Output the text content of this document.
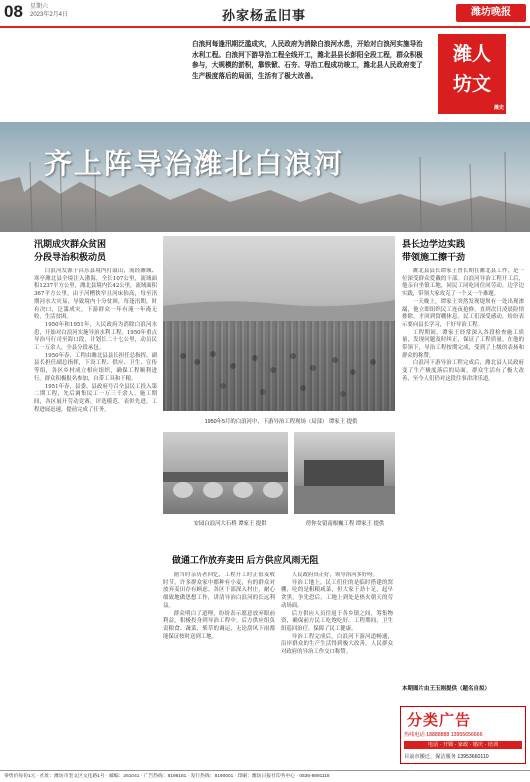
08 星期六
2023年2月4日	孙家杨孟旧事	潍坊晚报
白浪河每逢汛期泛滥成灾，人民政府为消除白浪河水患，开始对白浪河实施导治水利工程。白浪河下游导治工程全线开工，潍北县县长彭阳全段工程，群众积极参与，大规模的淤积，靠铁锨、石夯、导治工程成功竣工，潍北县人民政府变了生产极度落后的局面，生活有了极大改善。
潍人
坊文
潍史
齐上阵导治潍北白浪河
汛期成灾群众贫困
分段导治积极动员

白浪河发源于昌乐县境内打鼓山，流经潍城、寒亭潍北县全境注入渤海，全长107公里，流域面积1237平方公里，潍北县境内长42公里，流域面积367平方公里，由于河槽狭窄且河床抬高，每至汛期河水大灾易，导致境内十分贫困，每逢汛期，时有决口，泛滥成灾，下游群众一年有淹一年淹无收，生活贫困。

1950年和1951年，人民政府为消除白浪河水患，开始对白浪河实施导治水利工程。1950年重点导治马行司至海口段，计划长二十七公里，动员民工一万余人，全县分段承包。

1950年春，工程由潍北县县长担任总指挥，副县长担任副总指挥，下设工程、供应、卫生、宣传等组，各区乡村成立相应组织，确保工程顺利进行。群众积极报名参加，自带工具和干粮。

1951年春，县委、县政府号召全县民工投入第二期工程，先后调集民工一万三千余人。施工期间，各区展开劳动竞赛，评选模范，表彰先进，工程进展迅速，提前完成了任务。

1950年5月的白浪河中、下游导治工程现场（局部） 谭家王 提供
安园白浪河大石桥 谭家王 提供	傍你女留南根巍工程 谭家王 提供
做通工作放弃麦田 后方供应风雨无阻

据当时亲历者回忆，工程开工时正值麦收时节，许多群众家中都种有小麦，有的群众对放弃麦田存有顾虑。各区干部深入村庄，耐心细致地做思想工作，讲清导治白浪河的长远利益。

群众明白了道理，纷纷表示愿意放弃眼前利益，积极投身到导治工程中。后方供应组负责粮食、蔬菜、柴草的调运，无论刮风下雨都能保证按时送到工地。

人民政府真正好，领导治河多好呀。

导治工地上，民工们住的是临时搭建的窝棚，吃的是粗粮咸菜，但大家干劲十足，起早贪黑，争先恐后，工地上到处是热火朝天的劳动场面。

后方供应人员往返于各乡镇之间，筹集物资，确保前方民工吃饱吃好。工程期间，卫生组巡回治疗，保障了民工健康。

导治工程完成后，白浪河下游河道畅通，沿岸群众的生产生活得到极大改善，人民群众对政府的导治工作交口称赞。

县长边学边实践
带领施工擦干劲

潍北县县长谭家王曾长期在潍北县工作，是一位深受群众爱戴的干部。白浪河导治工程开工后，他亲自坐镇工地，同民工同吃同住同劳动，边学边实践，带领大家攻克了一个又一个难题。

一天晚上，谭家王突然发现堤坝有一处出现渗漏，他立即组织民工连夜抢修，直到次日凌晨险情排除，才回到窝棚休息。民工们深受感动，纷纷表示要向县长学习，干好导治工程。

工程期间，谭家王经常深入各段检查施工质量，发现问题及时纠正，保证了工程质量。在他的带领下，导治工程按期完成，受到了上级的表扬和群众的称赞。

白浪河下游导治工程完成后，潍北县人民政府变了生产极度落后的局面，群众生活有了极大改善，至今人们仍对这段往事津津乐道。

本期图片由王玉刚提供（题名自拟）
分类广告
热线电话 18888888 13955656666
电话 · 开锁 · 家政 · 婚庆 · 培训
目前市搬迁、保洁服务 13953660110
零售价每份1元 · 社址：潍坊市奎文区文化路1号 · 邮编：261041 · 广告热线：8198181 · 发行热线：8190001 · 印刷：潍坊日报社印务中心 · 0536-8891118
